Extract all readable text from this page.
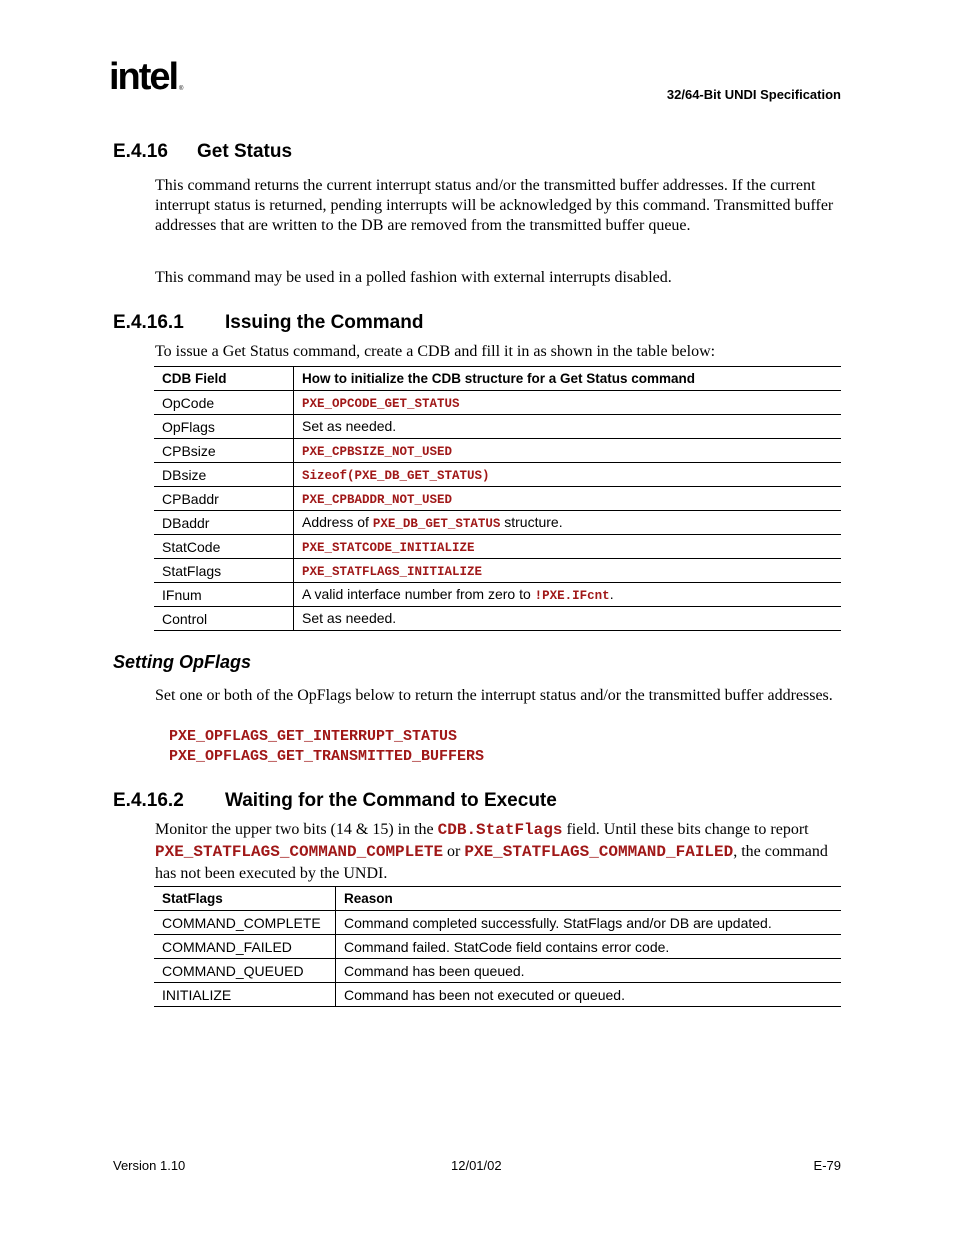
intel ®	32/64-Bit UNDI Specification
E.4.16 Get Status
This command returns the current interrupt status and/or the transmitted buffer addresses. If the current interrupt status is returned, pending interrupts will be acknowledged by this command. Transmitted buffer addresses that are written to the DB are removed from the transmitted buffer queue.
This command may be used in a polled fashion with external interrupts disabled.
E.4.16.1 Issuing the Command
To issue a Get Status command, create a CDB and fill it in as shown in the table below:
CDB Field	How to initialize the CDB structure for a Get Status command
OpCode	PXE_OPCODE_GET_STATUS
OpFlags	Set as needed.
CPBsize	PXE_CPBSIZE_NOT_USED
DBsize	Sizeof(PXE_DB_GET_STATUS)
CPBaddr	PXE_CPBADDR_NOT_USED
DBaddr	Address of PXE_DB_GET_STATUS structure.
StatCode	PXE_STATCODE_INITIALIZE
StatFlags	PXE_STATFLAGS_INITIALIZE
IFnum	A valid interface number from zero to !PXE.IFcnt.
Control	Set as needed.
Setting OpFlags
Set one or both of the OpFlags below to return the interrupt status and/or the transmitted buffer addresses.
PXE_OPFLAGS_GET_INTERRUPT_STATUS
PXE_OPFLAGS_GET_TRANSMITTED_BUFFERS
E.4.16.2 Waiting for the Command to Execute
Monitor the upper two bits (14 & 15) in the CDB.StatFlags field. Until these bits change to report PXE_STATFLAGS_COMMAND_COMPLETE or PXE_STATFLAGS_COMMAND_FAILED, the command has not been executed by the UNDI.
StatFlags	Reason
COMMAND_COMPLETE	Command completed successfully. StatFlags and/or DB are updated.
COMMAND_FAILED	Command failed. StatCode field contains error code.
COMMAND_QUEUED	Command has been queued.
INITIALIZE	Command has been not executed or queued.
Version 1.10	12/01/02	E-79
